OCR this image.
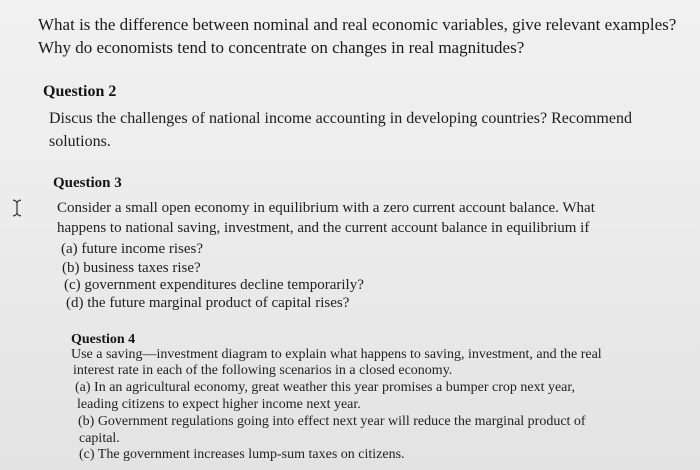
What is the difference between nominal and real economic variables, give relevant examples?
Why do economists tend to concentrate on changes in real magnitudes?
Question 2
Discus the challenges of national income accounting in developing countries? Recommend
solutions.
Question 3
Consider a small open economy in equilibrium with a zero current account balance. What
happens to national saving, investment, and the current account balance in equilibrium if
(a) future income rises?
(b) business taxes rise?
(c) government expenditures decline temporarily?
(d) the future marginal product of capital rises?
Question 4
Use a saving—investment diagram to explain what happens to saving, investment, and the real
interest rate in each of the following scenarios in a closed economy.
(a) In an agricultural economy, great weather this year promises a bumper crop next year,
leading citizens to expect higher income next year.
(b) Government regulations going into effect next year will reduce the marginal product of
capital.
(c) The government increases lump-sum taxes on citizens.
